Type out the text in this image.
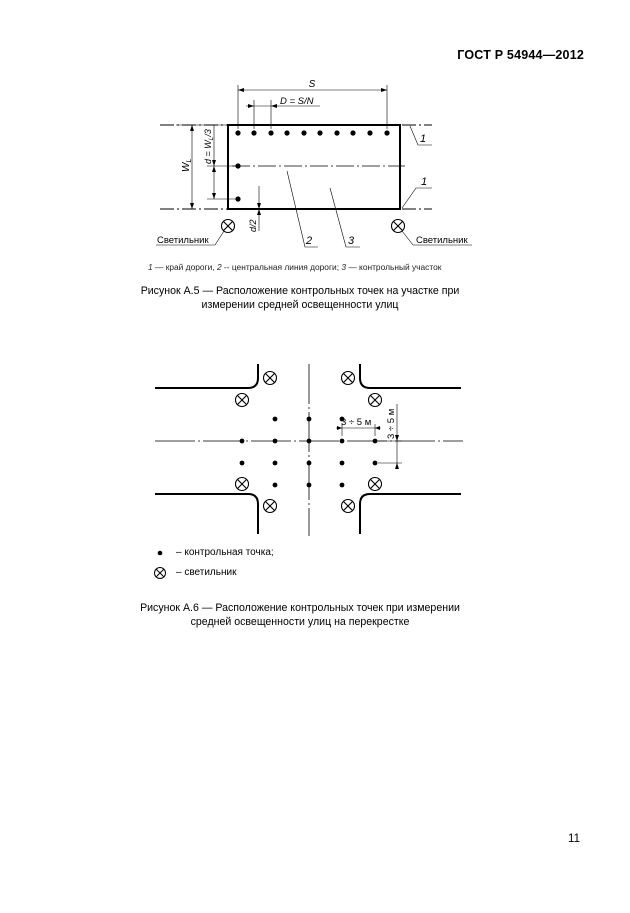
ГОСТ Р 54944—2012
S
D = S/N
$W_L$ $d = W_L/3$
d/2
1
1
2	3
Светильник	Светильник
1 — край дороги, 2 -- центральная линия дороги; 3 — контрольный участок
Рисунок А.5 — Расположение контрольных точек на участке при
измерении средней освещенности улиц
3 ÷ 5 м 3 ÷ 5 м
– контрольная точка;
– светильник
Рисунок А.6 — Расположение контрольных точек при измерении
средней освещенности улиц на перекрестке
11
